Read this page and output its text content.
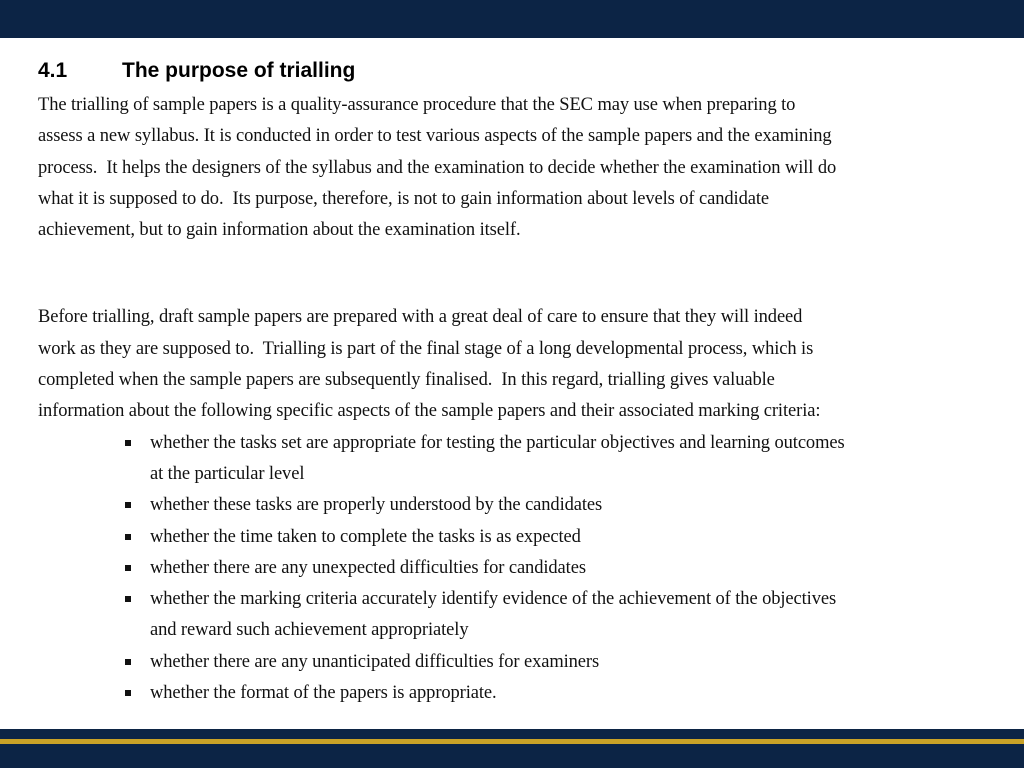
4.1	The purpose of trialling

The trialling of sample papers is a quality-assurance procedure that the SEC may use when preparing to
assess a new syllabus. It is conducted in order to test various aspects of the sample papers and the examining
process.  It helps the designers of the syllabus and the examination to decide whether the examination will do
what it is supposed to do.  Its purpose, therefore, is not to gain information about levels of candidate
achievement, but to gain information about the examination itself.

Before trialling, draft sample papers are prepared with a great deal of care to ensure that they will indeed
work as they are supposed to.  Trialling is part of the final stage of a long developmental process, which is
completed when the sample papers are subsequently finalised.  In this regard, trialling gives valuable
information about the following specific aspects of the sample papers and their associated marking criteria:

whether the tasks set are appropriate for testing the particular objectives and learning outcomes
at the particular level
whether these tasks are properly understood by the candidates
whether the time taken to complete the tasks is as expected
whether there are any unexpected difficulties for candidates
whether the marking criteria accurately identify evidence of the achievement of the objectives
and reward such achievement appropriately
whether there are any unanticipated difficulties for examiners
whether the format of the papers is appropriate.
